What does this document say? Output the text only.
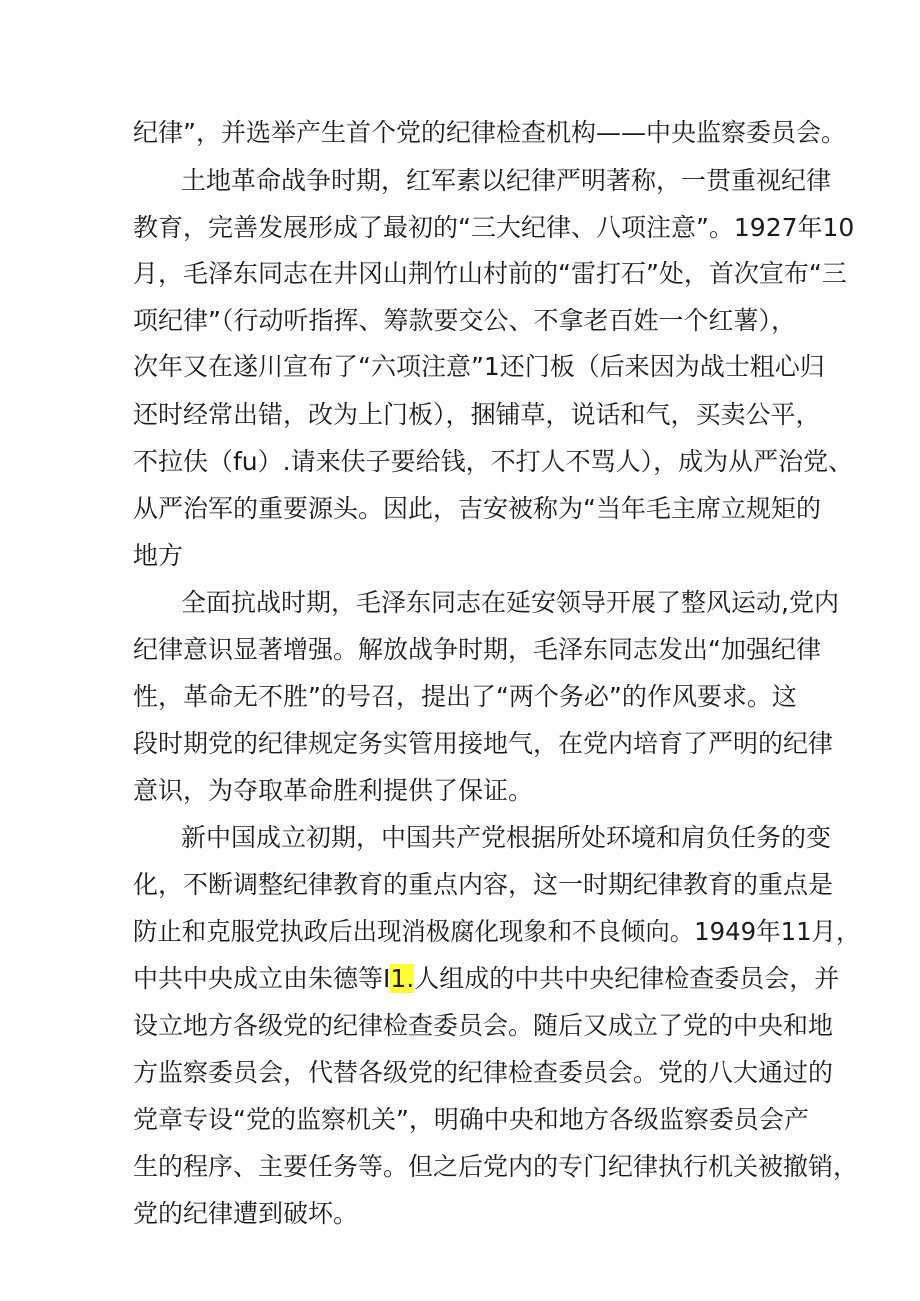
纪律”，并选举产生首个党的纪律检查机构——中央监察委员会。
土地革命战争时期，红军素以纪律严明著称，一贯重视纪律
教育，完善发展形成了最初的“三大纪律、八项注意”。1927年10
月，毛泽东同志在井冈山荆竹山村前的“雷打石”处，首次宣布“三
项纪律”（行动听指挥、筹款要交公、不拿老百姓一个红薯），
次年又在遂川宣布了“六项注意”1还门板（后来因为战士粗心归
还时经常出错，改为上门板），捆铺草，说话和气，买卖公平，
不拉伕（fu）.请来伕子要给钱，不打人不骂人），成为从严治党、
从严治军的重要源头。因此，吉安被称为“当年毛主席立规矩的
地方
全面抗战时期，毛泽东同志在延安领导开展了整风运动,党内
纪律意识显著增强。解放战争时期，毛泽东同志发出“加强纪律
性，革命无不胜”的号召，提出了“两个务必”的作风要求。这
段时期党的纪律规定务实管用接地气，在党内培育了严明的纪律
意识，为夺取革命胜利提供了保证。
新中国成立初期，中国共产党根据所处环境和肩负任务的变
化，不断调整纪律教育的重点内容，这一时期纪律教育的重点是
防止和克服党执政后出现消极腐化现象和不良倾向。1949年11月，
中共中央成立由朱德等I1.人组成的中共中央纪律检查委员会，并
设立地方各级党的纪律检查委员会。随后又成立了党的中央和地
方监察委员会，代替各级党的纪律检查委员会。党的八大通过的
党章专设“党的监察机关”，明确中央和地方各级监察委员会产
生的程序、主要任务等。但之后党内的专门纪律执行机关被撤销，
党的纪律遭到破坏。
